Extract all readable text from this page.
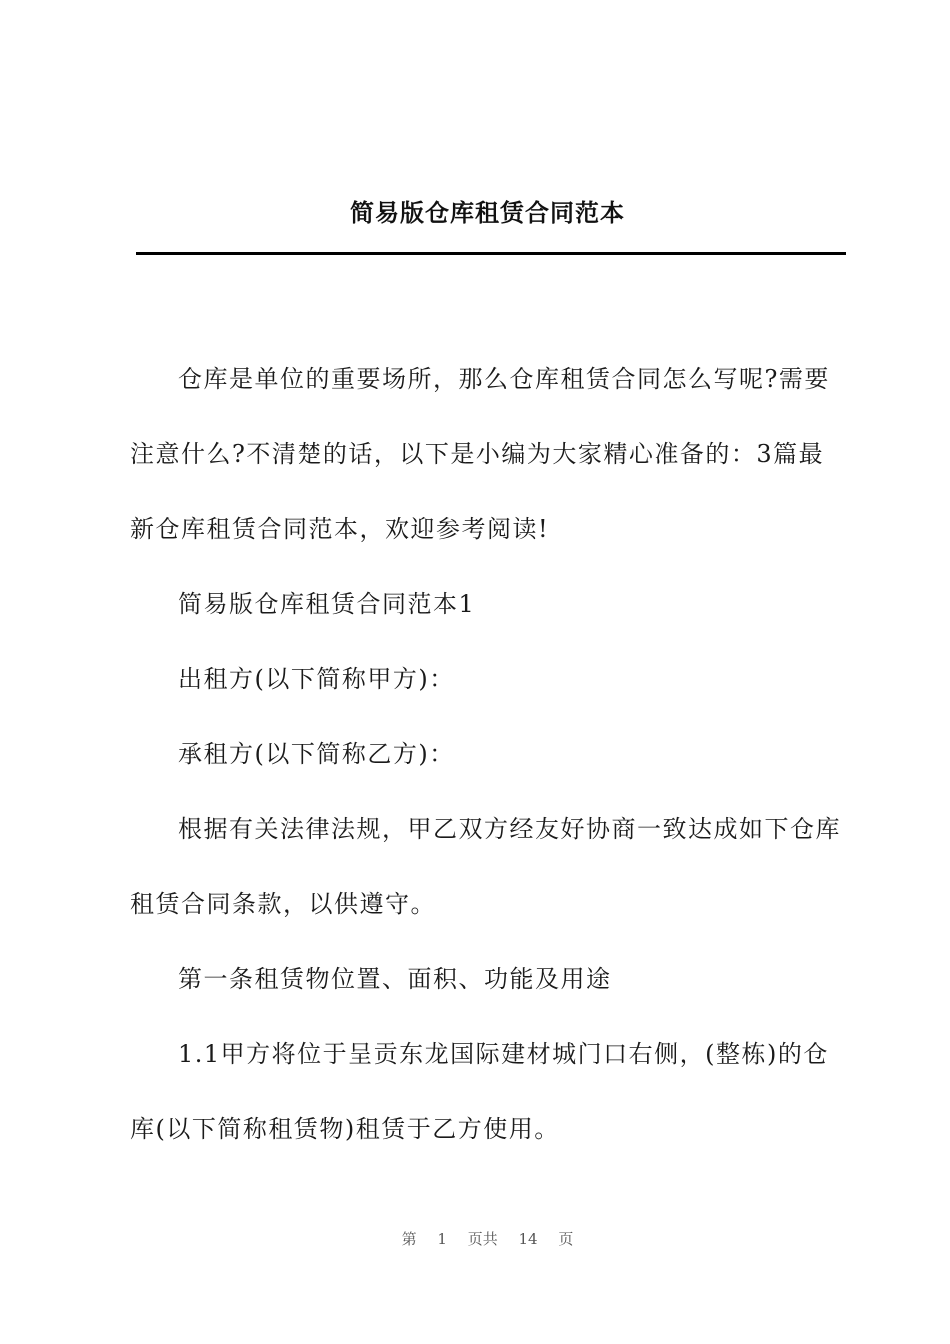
简易版仓库租赁合同范本

仓库是单位的重要场所，那么仓库租赁合同怎么写呢?需要注意什么?不清楚的话，以下是小编为大家精心准备的：3篇最新仓库租赁合同范本，欢迎参考阅读!

简易版仓库租赁合同范本1

出租方(以下简称甲方)：

承租方(以下简称乙方)：

根据有关法律法规，甲乙双方经友好协商一致达成如下仓库租赁合同条款，以供遵守。

第一条租赁物位置、面积、功能及用途

1.1甲方将位于呈贡东龙国际建材城门口右侧，(整栋)的仓库(以下简称租赁物)租赁于乙方使用。

第 1 页共 14 页
